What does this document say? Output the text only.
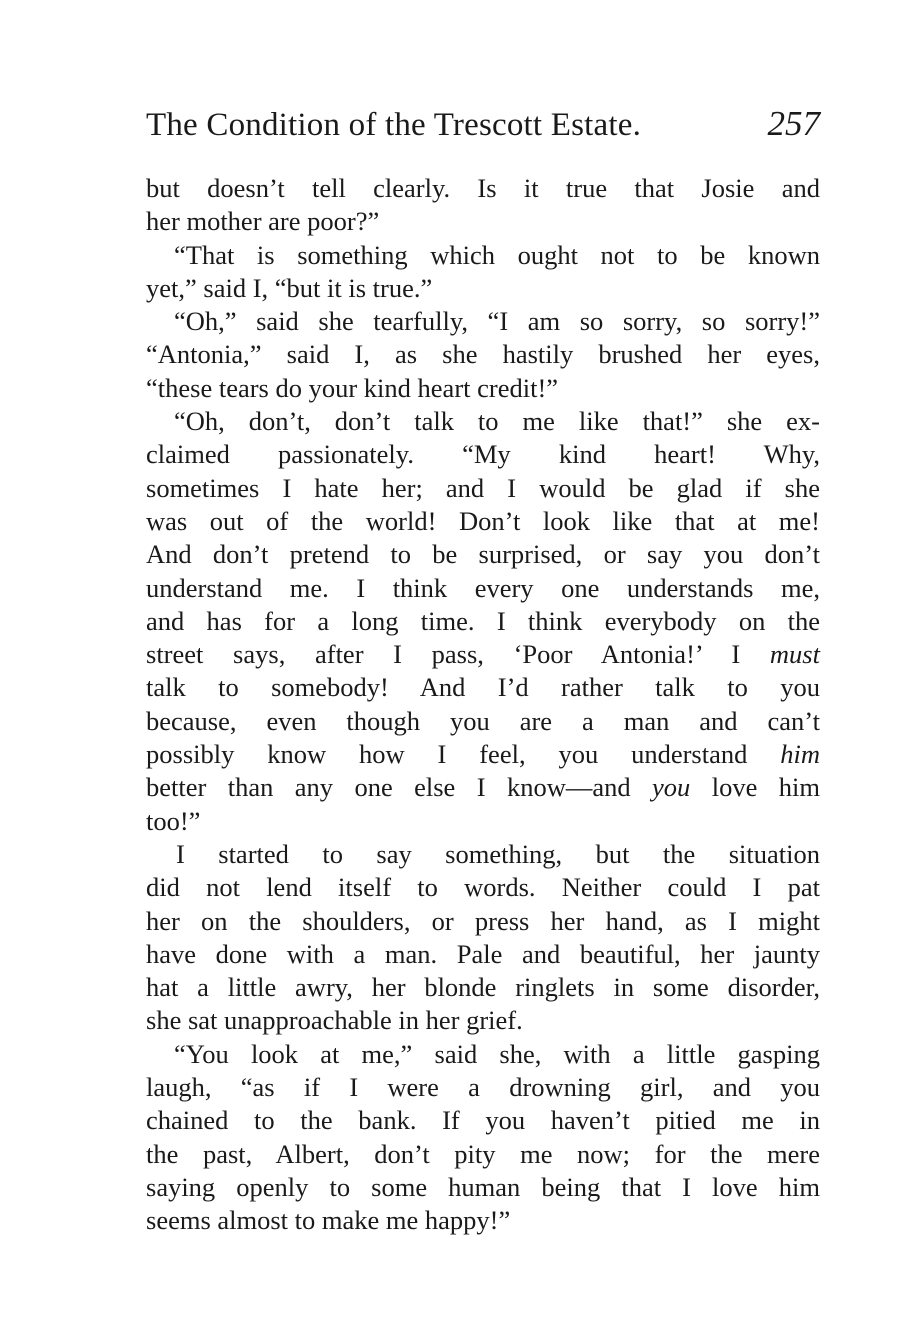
The Condition of the Trescott Estate.	257
but doesn’t tell clearly. Is it true that Josie and
her mother are poor?”
“That is something which ought not to be known
yet,” said I, “but it is true.”
“Oh,” said she tearfully, “I am so sorry, so sorry!”
“Antonia,” said I, as she hastily brushed her eyes,
“these tears do your kind heart credit!”
“Oh, don’t, don’t talk to me like that!” she ex-
claimed passionately. “My kind heart! Why,
sometimes I hate her; and I would be glad if she
was out of the world! Don’t look like that at me!
And don’t pretend to be surprised, or say you don’t
understand me. I think every one understands me,
and has for a long time. I think everybody on the
street says, after I pass, ‘Poor Antonia!’ I must
talk to somebody! And I’d rather talk to you
because, even though you are a man and can’t
possibly know how I feel, you understand him
better than any one else I know—and you love him
too!”
I started to say something, but the situation
did not lend itself to words. Neither could I pat
her on the shoulders, or press her hand, as I might
have done with a man. Pale and beautiful, her jaunty
hat a little awry, her blonde ringlets in some disorder,
she sat unapproachable in her grief.
“You look at me,” said she, with a little gasping
laugh, “as if I were a drowning girl, and you
chained to the bank. If you haven’t pitied me in
the past, Albert, don’t pity me now; for the mere
saying openly to some human being that I love him
seems almost to make me happy!”
